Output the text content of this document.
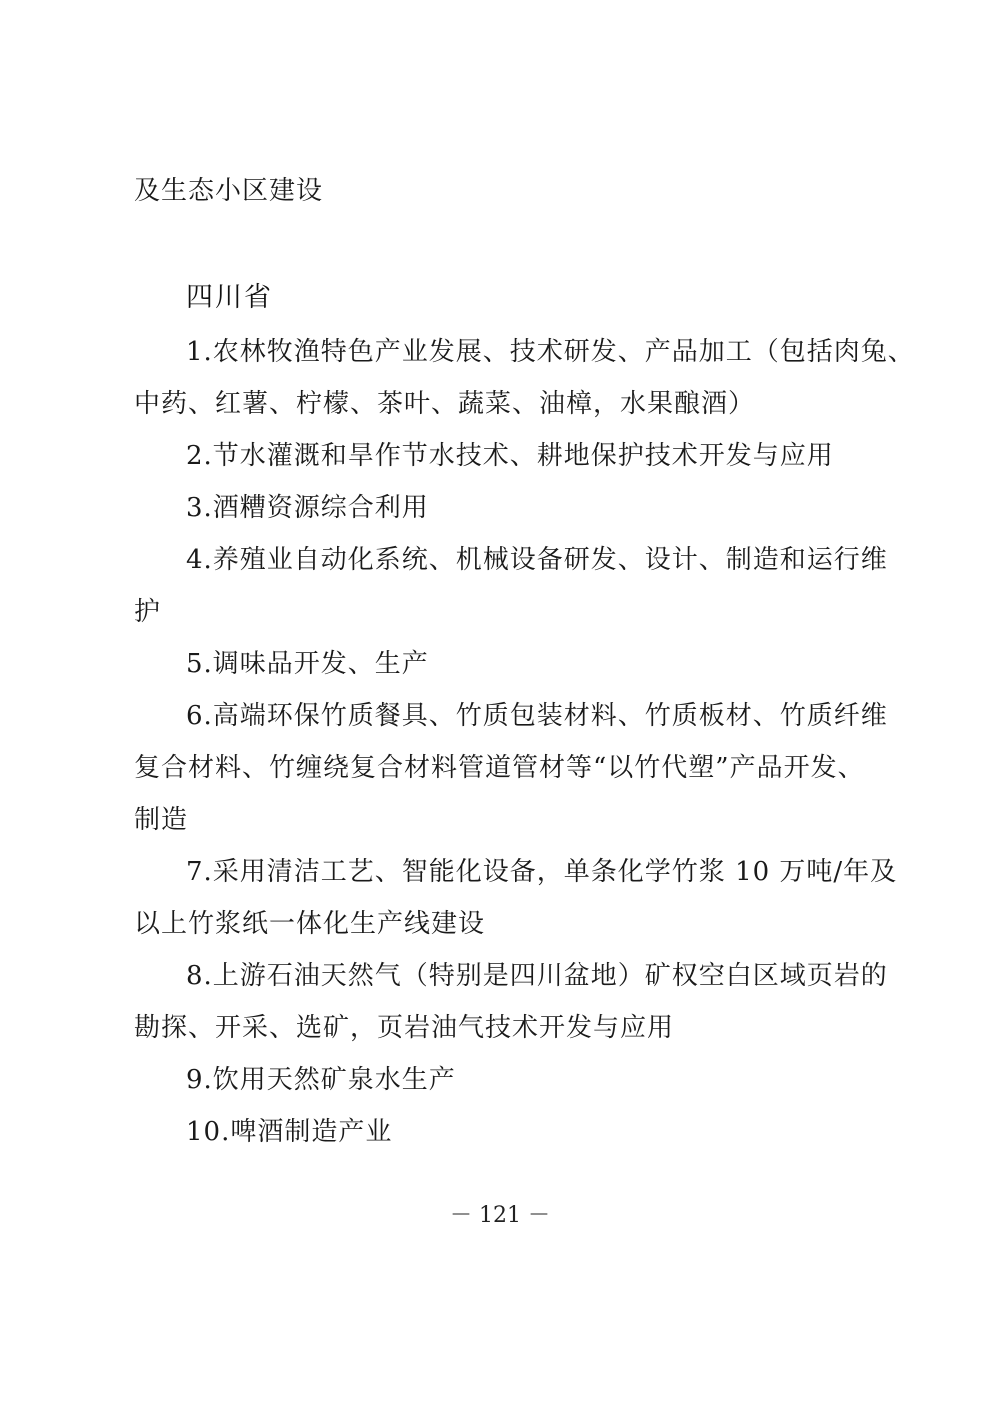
及生态小区建设
四川省
1.农林牧渔特色产业发展、技术研发、产品加工（包括肉兔、
中药、红薯、柠檬、茶叶、蔬菜、油樟，水果酿酒）
2.节水灌溉和旱作节水技术、耕地保护技术开发与应用
3.酒糟资源综合利用
4.养殖业自动化系统、机械设备研发、设计、制造和运行维
护
5.调味品开发、生产
6.高端环保竹质餐具、竹质包装材料、竹质板材、竹质纤维
复合材料、竹缠绕复合材料管道管材等“以竹代塑”产品开发、
制造
7.采用清洁工艺、智能化设备，单条化学竹浆 10 万吨/年及
以上竹浆纸一体化生产线建设
8.上游石油天然气（特别是四川盆地）矿权空白区域页岩的
勘探、开采、选矿，页岩油气技术开发与应用
9.饮用天然矿泉水生产
10.啤酒制造产业
－ 121 －
